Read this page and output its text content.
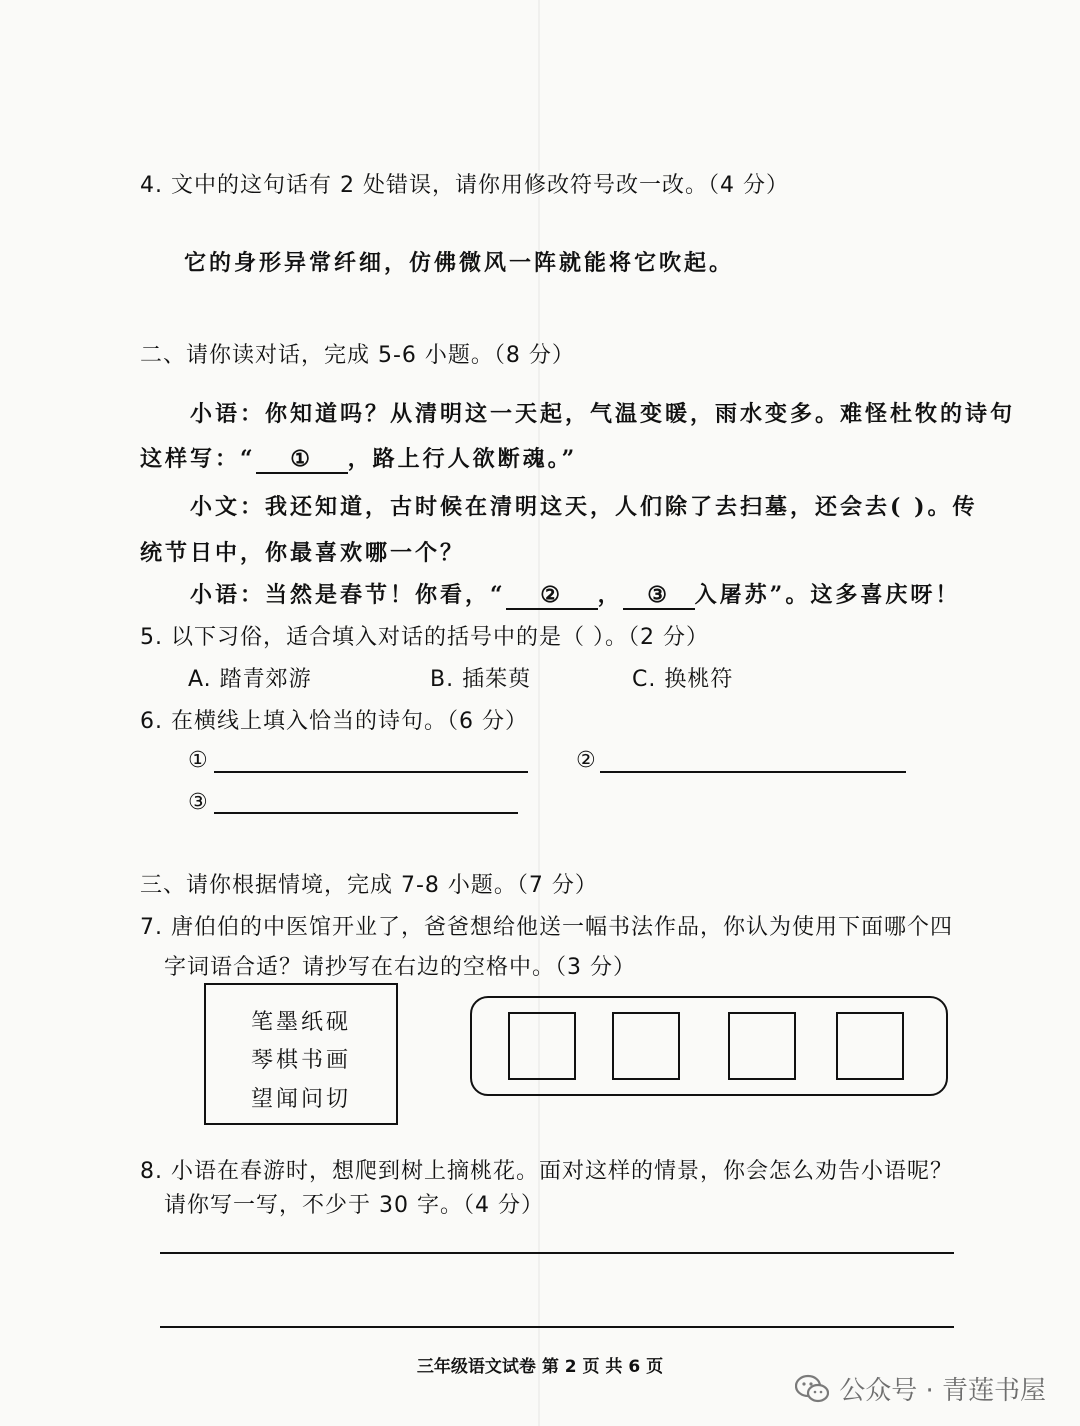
4. 文中的这句话有 2 处错误，请你用修改符号改一改。（4 分）
它的身形异常纤细，仿佛微风一阵就能将它吹起。
二、请你读对话，完成 5-6 小题。（8 分）
小语：你知道吗？从清明这一天起，气温变暖，雨水变多。难怪杜牧的诗句
这样写：“ ① ，路上行人欲断魂。”
小文：我还知道，古时候在清明这天，人们除了去扫墓，还会去( )。传
统节日中，你最喜欢哪一个？
小语：当然是春节！你看，“ ② ， ③ 入屠苏”。这多喜庆呀！
5. 以下习俗，适合填入对话的括号中的是（ ）。（2 分）
A. 踏青郊游	B. 插茱萸	C. 换桃符
6. 在横线上填入恰当的诗句。（6 分）
①	②
③
三、请你根据情境，完成 7-8 小题。（7 分）
7. 唐伯伯的中医馆开业了，爸爸想给他送一幅书法作品，你认为使用下面哪个四
字词语合适？请抄写在右边的空格中。（3 分）
笔墨纸砚
琴棋书画
望闻问切
8. 小语在春游时，想爬到树上摘桃花。面对这样的情景，你会怎么劝告小语呢？
请你写一写，不少于 30 字。（4 分）
三年级语文试卷 第 2 页 共 6 页
公众号 · 青莲书屋
